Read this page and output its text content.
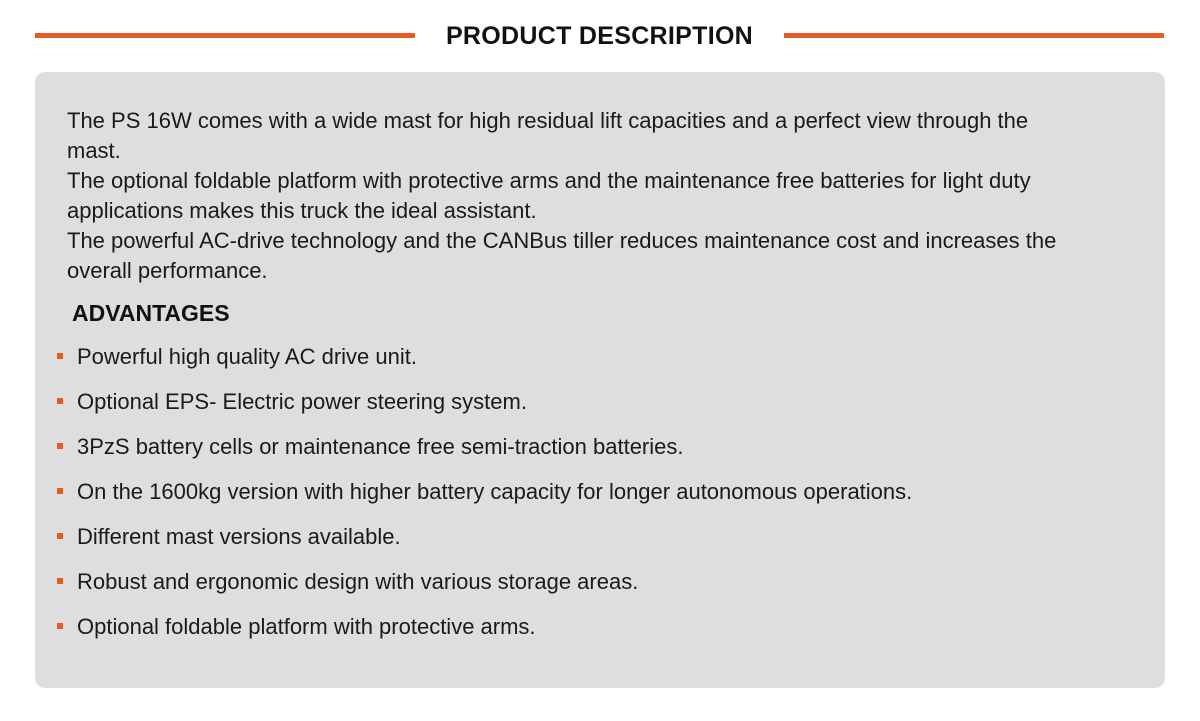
PRODUCT DESCRIPTION

The PS 16W comes with a wide mast for high residual lift capacities and a perfect view through the mast.

The optional foldable platform with protective arms and the maintenance free batteries for light duty applications makes this truck the ideal assistant.

The powerful AC-drive technology and the CANBus tiller reduces maintenance cost and increases the overall performance.

ADVANTAGES
Powerful high quality AC drive unit.
Optional EPS- Electric power steering system.
3PzS battery cells or maintenance free semi-traction batteries.
On the 1600kg version with higher battery capacity for longer autonomous operations.
Different mast versions available.
Robust and ergonomic design with various storage areas.
Optional foldable platform with protective arms.
